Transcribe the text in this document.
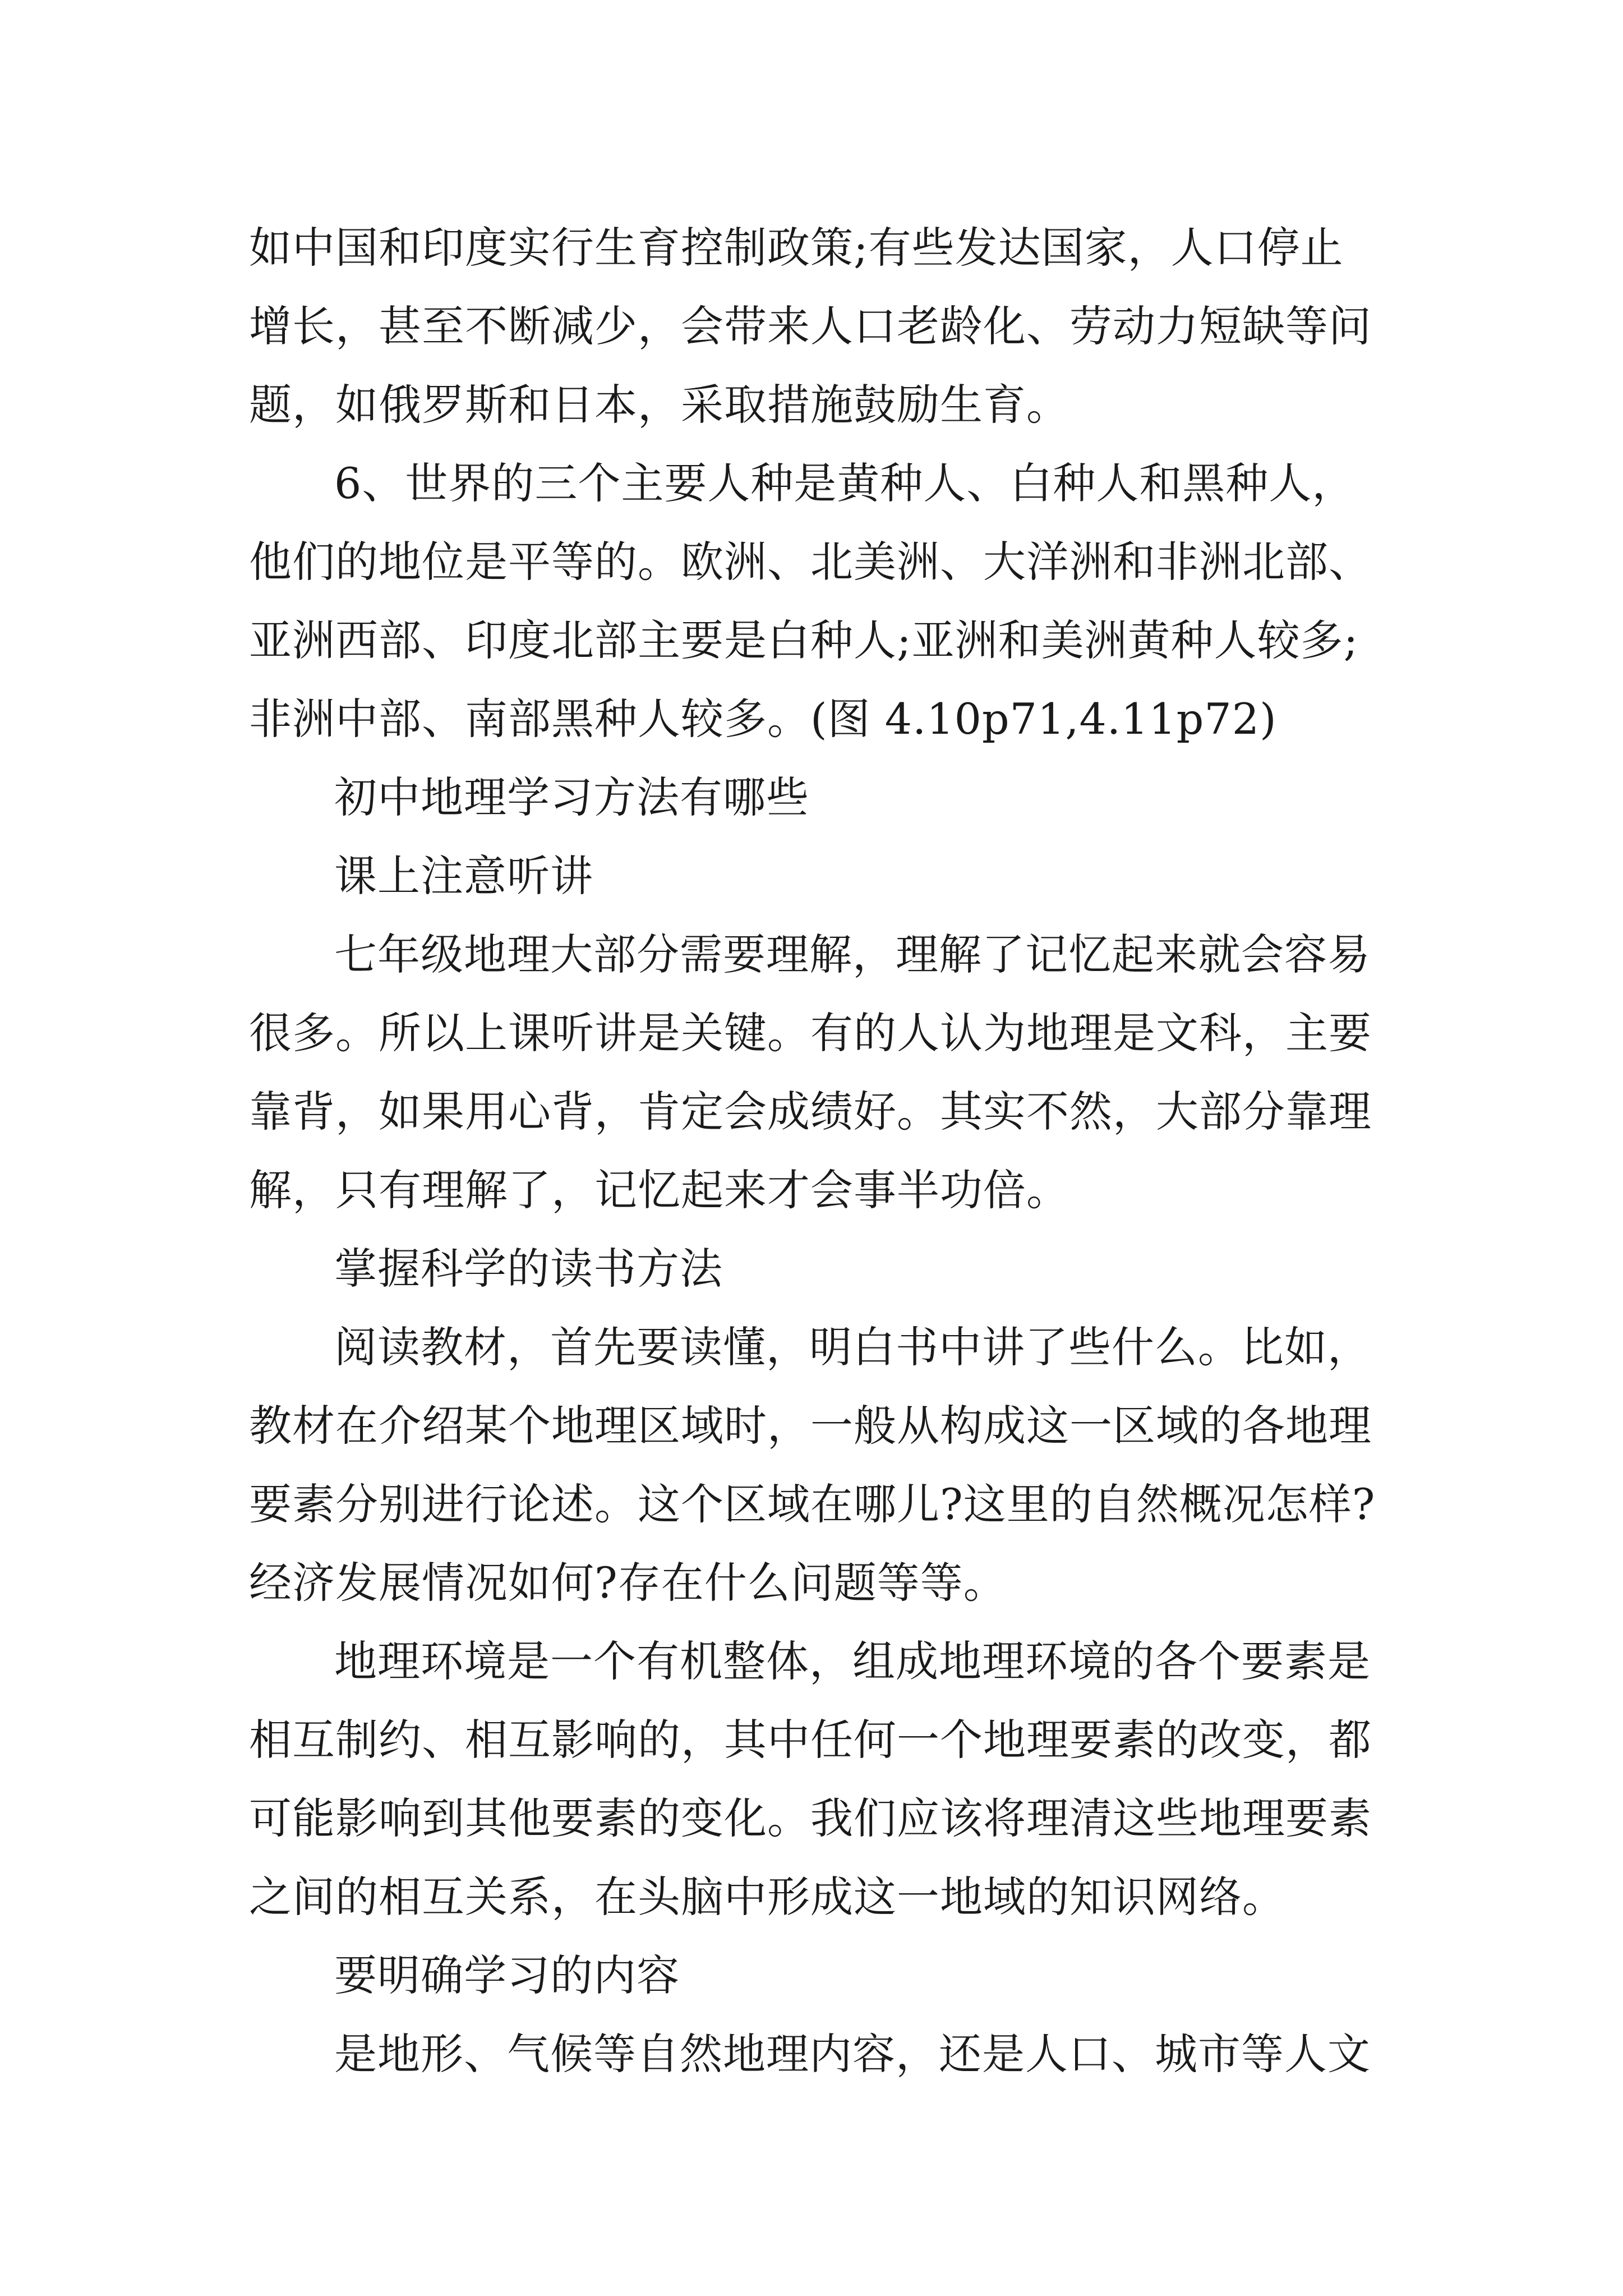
如中国和印度实行生育控制政策;有些发达国家，人口停止
增长，甚至不断减少，会带来人口老龄化、劳动力短缺等问
题，如俄罗斯和日本，采取措施鼓励生育。
6、世界的三个主要人种是黄种人、白种人和黑种人，
他们的地位是平等的。欧洲、北美洲、大洋洲和非洲北部、
亚洲西部、印度北部主要是白种人;亚洲和美洲黄种人较多;
非洲中部、南部黑种人较多。(图 4.10p71,4.11p72)
初中地理学习方法有哪些
课上注意听讲
七年级地理大部分需要理解，理解了记忆起来就会容易
很多。所以上课听讲是关键。有的人认为地理是文科，主要
靠背，如果用心背，肯定会成绩好。其实不然，大部分靠理
解，只有理解了，记忆起来才会事半功倍。
掌握科学的读书方法
阅读教材，首先要读懂，明白书中讲了些什么。比如，
教材在介绍某个地理区域时，一般从构成这一区域的各地理
要素分别进行论述。这个区域在哪儿?这里的自然概况怎样?
经济发展情况如何?存在什么问题等等。
地理环境是一个有机整体，组成地理环境的各个要素是
相互制约、相互影响的，其中任何一个地理要素的改变，都
可能影响到其他要素的变化。我们应该将理清这些地理要素
之间的相互关系，在头脑中形成这一地域的知识网络。
要明确学习的内容
是地形、气候等自然地理内容，还是人口、城市等人文
